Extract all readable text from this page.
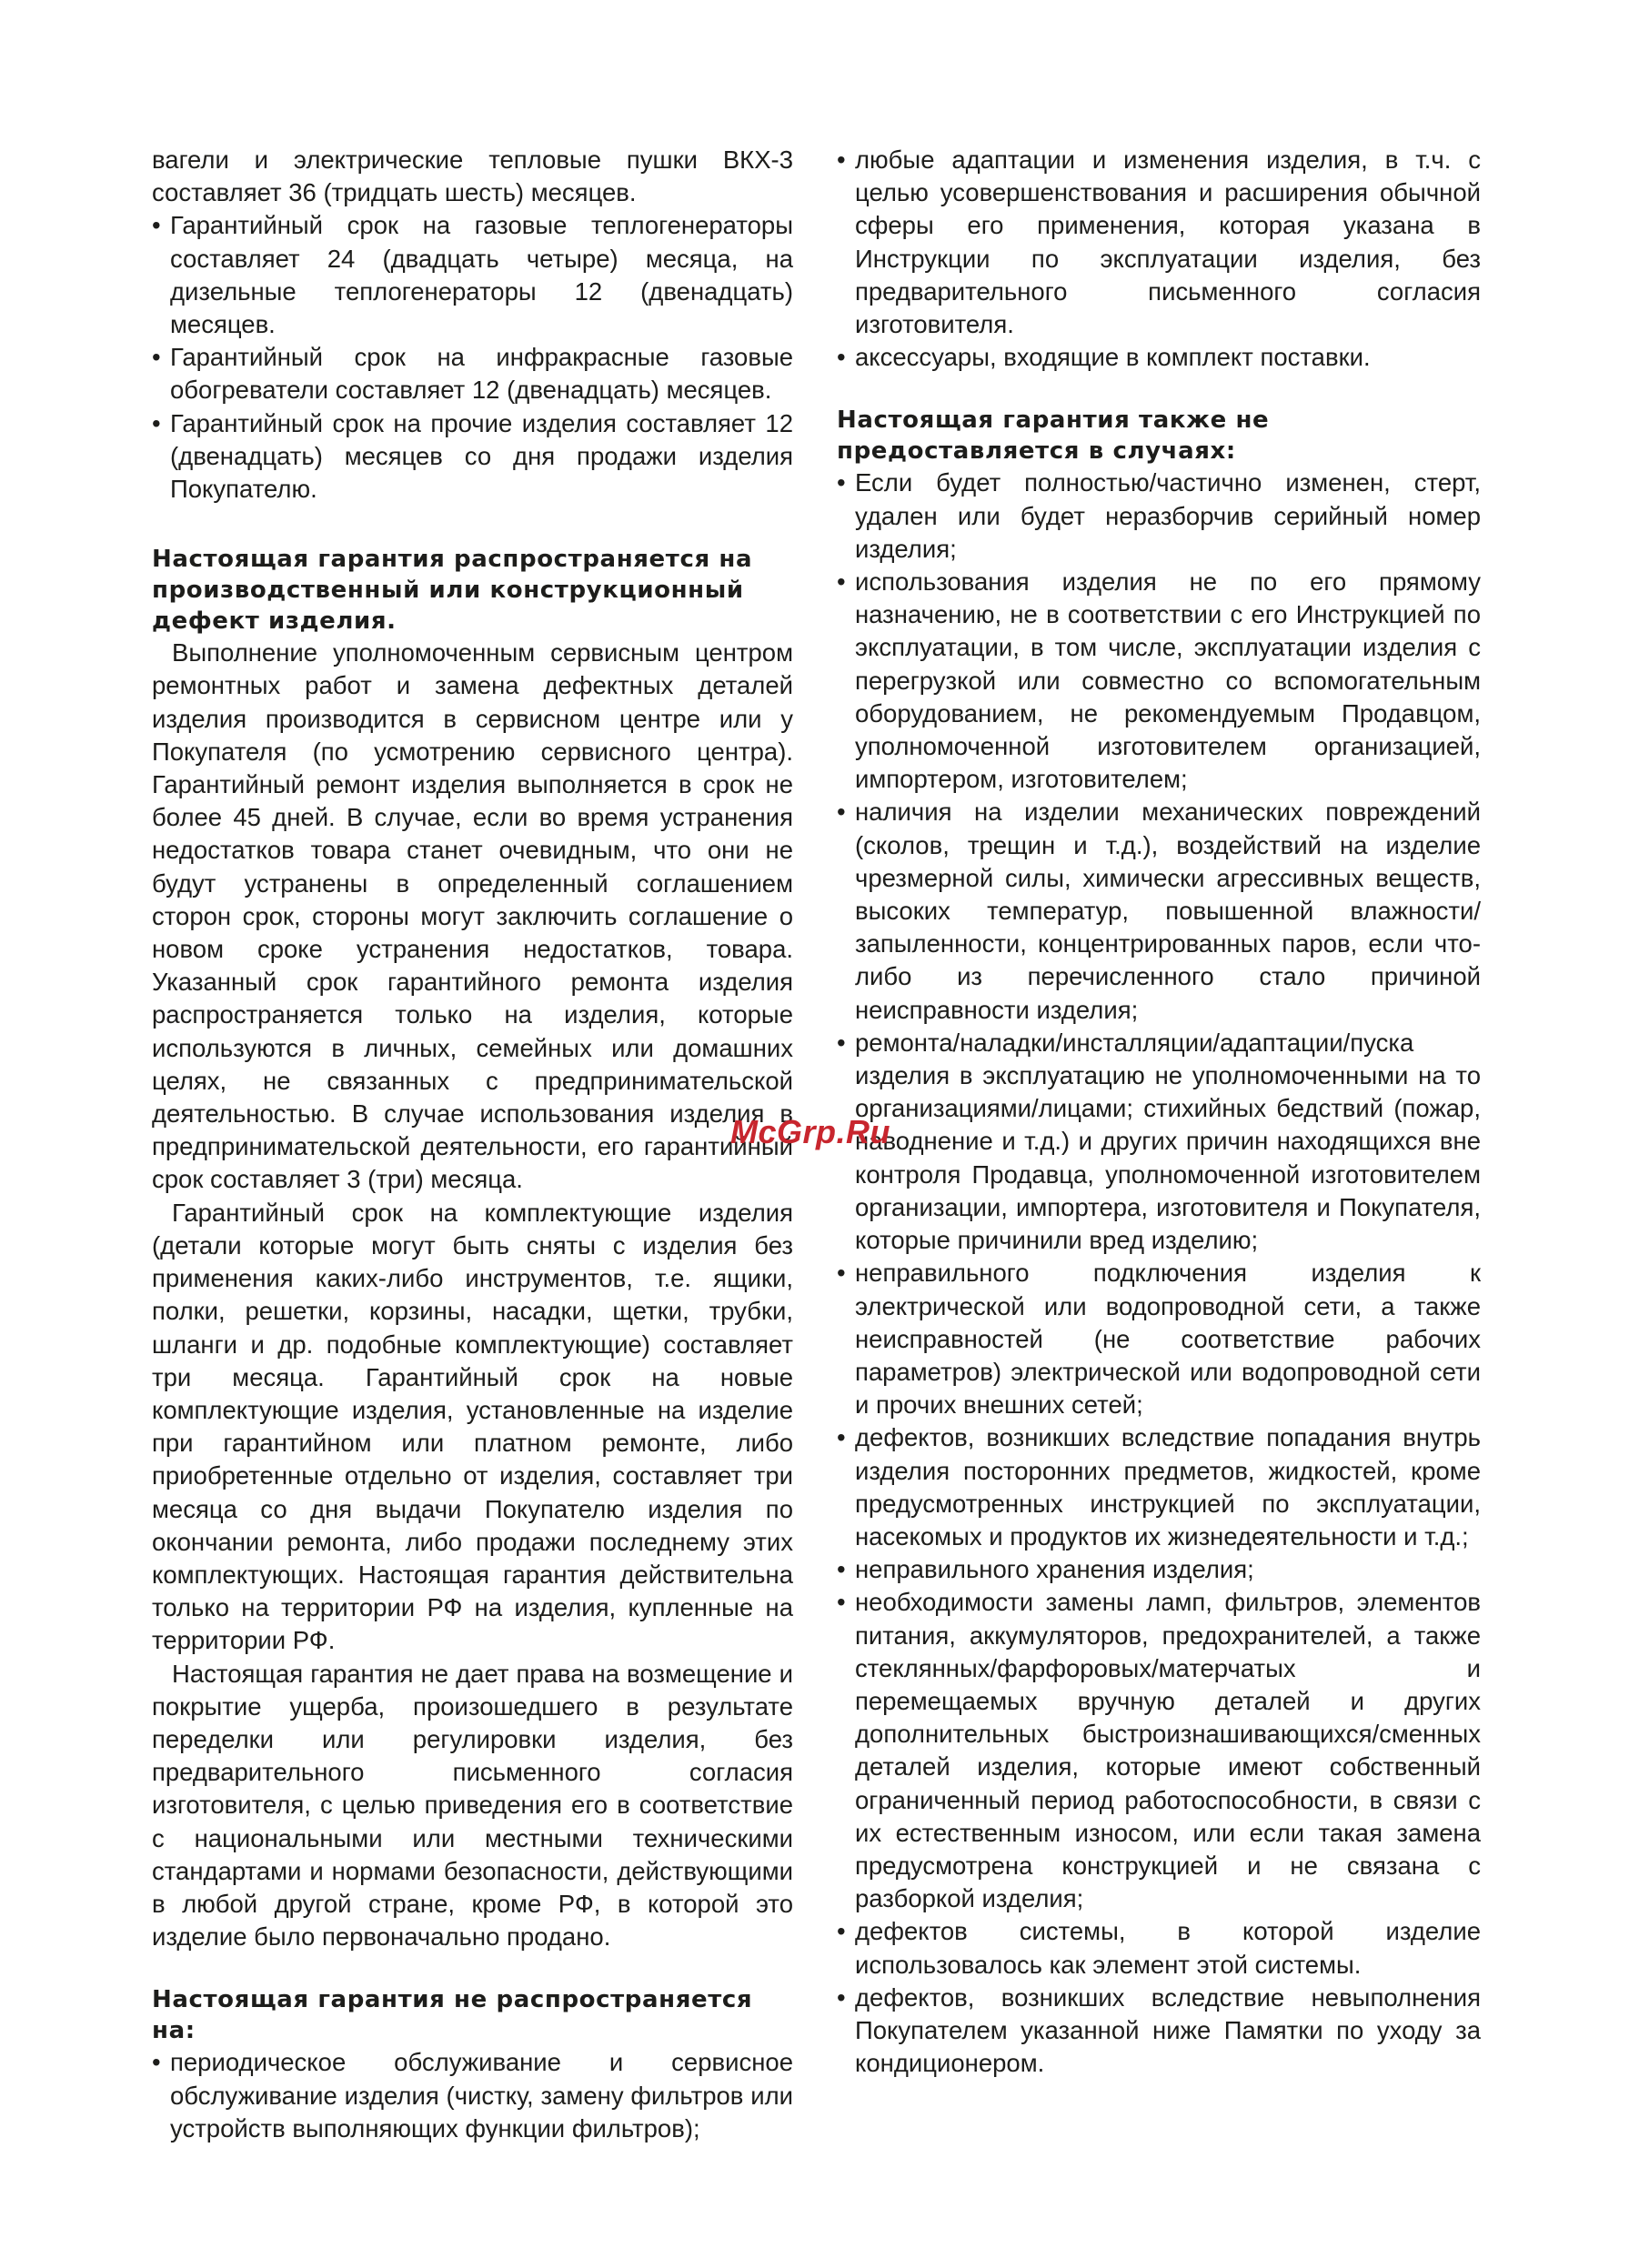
вагели и электрические тепловые пушки ВКХ-3 составляет 36 (тридцать шесть) месяцев.
• Гарантийный срок на газовые теплогенераторы составляет 24 (двадцать четыре) месяца, на дизельные теплогенераторы 12 (двенадцать) месяцев.
• Гарантийный срок на инфракрасные газовые обогреватели составляет 12 (двенадцать) месяцев.
• Гарантийный срок на прочие изделия составляет 12 (двенадцать) месяцев со дня продажи изделия Покупателю.
Настоящая гарантия распространяется на производственный или конструкционный дефект изделия.

Выполнение уполномоченным сервисным центром ремонтных работ и замена дефектных деталей изделия производится в сервисном центре или у Покупателя (по усмотрению сервисного центра). Гарантийный ремонт изделия выполняется в срок не более 45 дней. В случае, если во время устранения недостатков товара станет очевидным, что они не будут устранены в определенный соглашением сторон срок, стороны могут заключить соглашение о новом сроке устранения недостатков, товара. Указанный срок гарантийного ремонта изделия распространяется только на изделия, которые используются в личных, семейных или домашних целях, не связанных с предпринимательской деятельностью. В случае использования изделия в предпринимательской деятельности, его гарантийный срок составляет 3 (три) месяца.

Гарантийный срок на комплектующие изделия (детали которые могут быть сняты с изделия без применения каких-либо инструментов, т.е. ящики, полки, решетки, корзины, насадки, щетки, трубки, шланги и др. подобные комплектующие) составляет три месяца. Гарантийный срок на новые комплектующие изделия, установленные на изделие при гарантийном или платном ремонте, либо приобретенные отдельно от изделия, составляет три месяца со дня выдачи Покупателю изделия по окончании ремонта, либо продажи последнему этих комплектующих. Настоящая гарантия действительна только на территории РФ на изделия, купленные на территории РФ.

Настоящая гарантия не дает права на возмещение и покрытие ущерба, произошедшего в результате переделки или регулировки изделия, без предварительного письменного согласия изготовителя, с целью приведения его в соответствие с национальными или местными техническими стандартами и нормами безопасности, действующими в любой другой стране, кроме РФ, в которой это изделие было первоначально продано.

Настоящая гарантия не распространяется на:
• периодическое обслуживание и сервисное обслуживание изделия (чистку, замену фильтров или устройств выполняющих функции фильтров);
• любые адаптации и изменения изделия, в т.ч. с целью усовершенствования и расширения обычной сферы его применения, которая указана в Инструкции по эксплуатации изделия, без предварительного письменного согласия изготовителя.
• аксессуары, входящие в комплект поставки.
Настоящая гарантия также не предоставляется в случаях:
• Если будет полностью/частично изменен, стерт, удален или будет неразборчив серийный номер изделия;
• использования изделия не по его прямому назначению, не в соответствии с его Инструкцией по эксплуатации, в том числе, эксплуатации изделия с перегрузкой или совместно со вспомогательным оборудованием, не рекомендуемым Продавцом, уполномоченной изготовителем организацией, импортером, изготовителем;
• наличия на изделии механических повреждений (сколов, трещин и т.д.), воздействий на изделие чрезмерной силы, химически агрессивных веществ, высоких температур, повышенной влажности/запыленности, концентрированных паров, если что-либо из перечисленного стало причиной неисправности изделия;
• ремонта/наладки/инсталляции/адаптации/пуска изделия в эксплуатацию не уполномоченными на то организациями/лицами; стихийных бедствий (пожар, наводнение и т.д.) и других причин находящихся вне контроля Продавца, уполномоченной изготовителем организации, импортера, изготовителя и Покупателя, которые причинили вред изделию;
• неправильного подключения изделия к электрической или водопроводной сети, а также неисправностей (не соответствие рабочих параметров) электрической или водопроводной сети и прочих внешних сетей;
• дефектов, возникших вследствие попадания внутрь изделия посторонних предметов, жидкостей, кроме предусмотренных инструкцией по эксплуатации, насекомых и продуктов их жизнедеятельности и т.д.;
• неправильного хранения изделия;
• необходимости замены ламп, фильтров, элементов питания, аккумуляторов, предохранителей, а также стеклянных/фарфоровых/матерчатых и перемещаемых вручную деталей и других дополнительных быстроизнашивающихся/сменных деталей изделия, которые имеют собственный ограниченный период работоспособности, в связи с их естественным износом, или если такая замена предусмотрена конструкцией и не связана с разборкой изделия;
• дефектов системы, в которой изделие использовалось как элемент этой системы.
• дефектов, возникших вследствие невыполнения Покупателем указанной ниже Памятки по уходу за кондиционером.
McGrp.Ru
